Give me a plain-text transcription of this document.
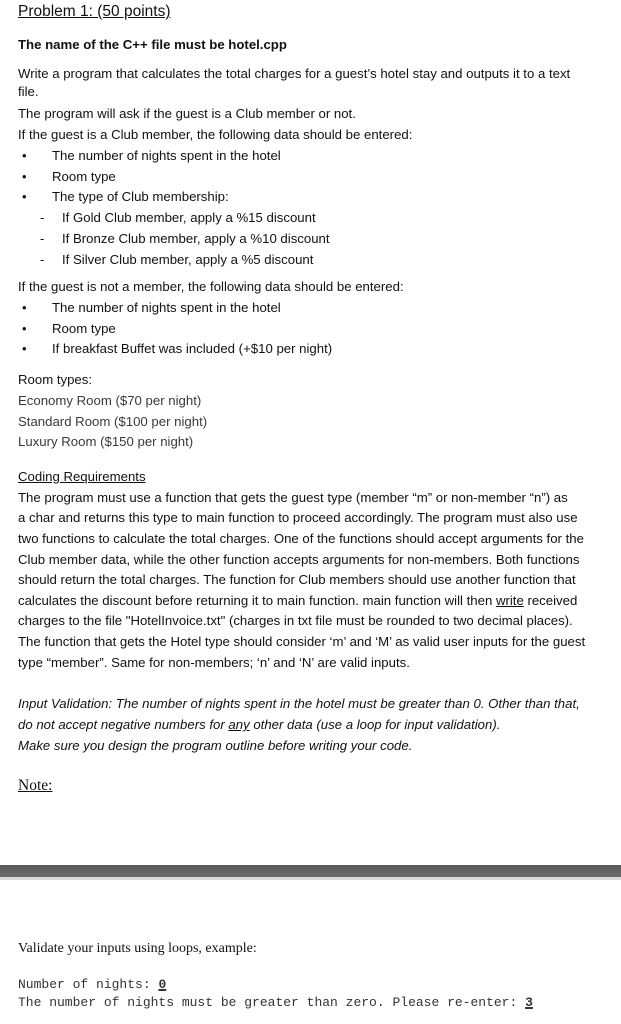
Problem 1: (50 points)
The name of the C++ file must be hotel.cpp
Write a program that calculates the total charges for a guest’s hotel stay and outputs it to a text
file.
The program will ask if the guest is a Club member or not.
If the guest is a Club member, the following data should be entered:
• The number of nights spent in the hotel
• Room type
• The type of Club membership:
- If Gold Club member, apply a %15 discount
- If Bronze Club member, apply a %10 discount
- If Silver Club member, apply a %5 discount
If the guest is not a member, the following data should be entered:
• The number of nights spent in the hotel
• Room type
• If breakfast Buffet was included (+$10 per night)
Room types:
Economy Room ($70 per night)
Standard Room ($100 per night)
Luxury Room ($150 per night)
Coding Requirements
The program must use a function that gets the guest type (member “m” or non-member “n”) as
a char and returns this type to main function to proceed accordingly. The program must also use
two functions to calculate the total charges. One of the functions should accept arguments for the
Club member data, while the other function accepts arguments for non-members. Both functions
should return the total charges. The function for Club members should use another function that
calculates the discount before returning it to main function. main function will then write received
charges to the file "HotelInvoice.txt" (charges in txt file must be rounded to two decimal places).
The function that gets the Hotel type should consider ‘m’ and ‘M’ as valid user inputs for the guest
type “member”. Same for non-members; ‘n’ and ‘N’ are valid inputs.
Input Validation: The number of nights spent in the hotel must be greater than 0. Other than that,
do not accept negative numbers for any other data (use a loop for input validation).
Make sure you design the program outline before writing your code.
Note:
Validate your inputs using loops, example:
Number of nights: 0
The number of nights must be greater than zero. Please re-enter: 3
